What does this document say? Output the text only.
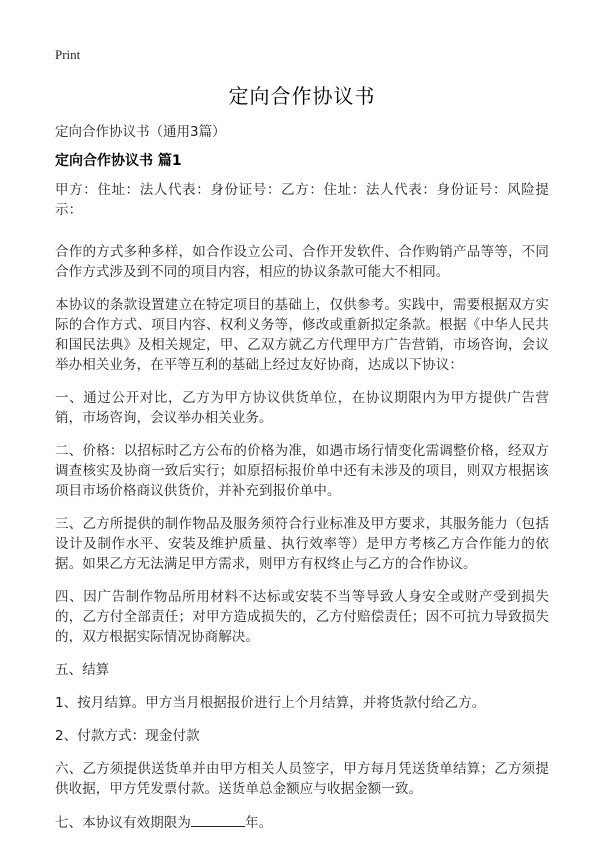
Print
定向合作协议书
定向合作协议书（通用3篇）
定向合作协议书 篇1

甲方：住址：法人代表：身份证号：乙方：住址：法人代表：身份证号：风险提示：

合作的方式多种多样，如合作设立公司、合作开发软件、合作购销产品等等，不同合作方式涉及到不同的项目内容，相应的协议条款可能大不相同。

本协议的条款设置建立在特定项目的基础上，仅供参考。实践中，需要根据双方实际的合作方式、项目内容、权利义务等，修改或重新拟定条款。根据《中华人民共和国民法典》及相关规定，甲、乙双方就乙方代理甲方广告营销，市场咨询，会议举办相关业务，在平等互利的基础上经过友好协商，达成以下协议：

一、通过公开对比，乙方为甲方协议供货单位，在协议期限内为甲方提供广告营销，市场咨询，会议举办相关业务。

二、价格：以招标时乙方公布的价格为准，如遇市场行情变化需调整价格，经双方调查核实及协商一致后实行；如原招标报价单中还有未涉及的项目，则双方根据该项目市场价格商议供货价，并补充到报价单中。

三、乙方所提供的制作物品及服务须符合行业标准及甲方要求，其服务能力（包括设计及制作水平、安装及维护质量、执行效率等）是甲方考核乙方合作能力的依据。如果乙方无法满足甲方需求，则甲方有权终止与乙方的合作协议。

四、因广告制作物品所用材料不达标或安装不当等导致人身安全或财产受到损失的，乙方付全部责任；对甲方造成损失的，乙方付赔偿责任；因不可抗力导致损失的，双方根据实际情况协商解决。

五、结算

1、按月结算。甲方当月根据报价进行上个月结算，并将货款付给乙方。

2、付款方式：现金付款

六、乙方须提供送货单并由甲方相关人员签字，甲方每月凭送货单结算；乙方须提供收据，甲方凭发票付款。送货单总金额应与收据金额一致。

七、本协议有效期限为	年。
